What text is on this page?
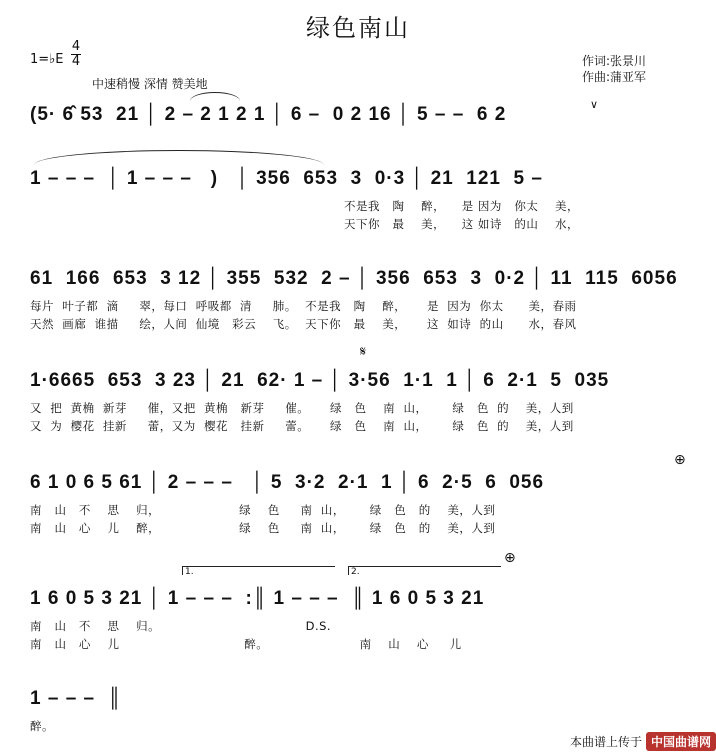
绿色南山
1=♭E
4
4
中速稍慢 深情 赞美地
作词:张景川
作曲:蒲亚军
(5· 6̂ 53  21 │ 2 – 2 1 2 1 │ 6 –  0 2 16 │ 5 – –  6 2	∨
1 – – –  │ 1 – – –   )   │ 356  653  3  0·3 │ 21  121  5 –
不是我   陶    醉，    是 因为   你太    美，
天下你   最    美，    这 如诗   的山    水，
61  166  653  3 12 │ 355  532  2 – │ 356  653  3  0·2 │ 11  115  6056
每片  叶子都  滴     翠，每口  呼吸都  清     肺。  不是我   陶    醉，     是  因为  你太      美，春雨
天然  画廊  谁描     绘，人间  仙境   彩云    飞。  天下你   最    美，     这  如诗  的山      水，春风
𝄋
1·6665  653  3 23 │ 21  62· 1 – │ 3·56  1·1  1 │ 6  2·1  5  035
又  把  黄桷  新芽     催，又把  黄桷   新芽     催。     绿   色    南  山，      绿   色  的    美，人到
又  为  樱花  挂新     蕾，又为  樱花   挂新     蕾。     绿   色    南  山，      绿   色  的    美，人到
⊕
6 1 0 6 5 61 │ 2 – – –   │ 5  3·2  2·1  1 │ 6  2·5  6  056
南   山   不    思    归，                   绿    色     南  山，      绿   色   的    美，人到
南   山   心    儿    醉，                   绿    色     南  山，      绿   色   的    美，人到
1.	2.
⊕
1 6 0 5 3 21 │ 1 – – –  :║ 1 – – –  ║ 1 6 0 5 3 21
南   山   不    思    归。                                   D.S.
南   山   心    儿                              醉。                      南    山    心     儿
1 – – –  ║
醉。
本曲谱上传于 中国曲谱网
